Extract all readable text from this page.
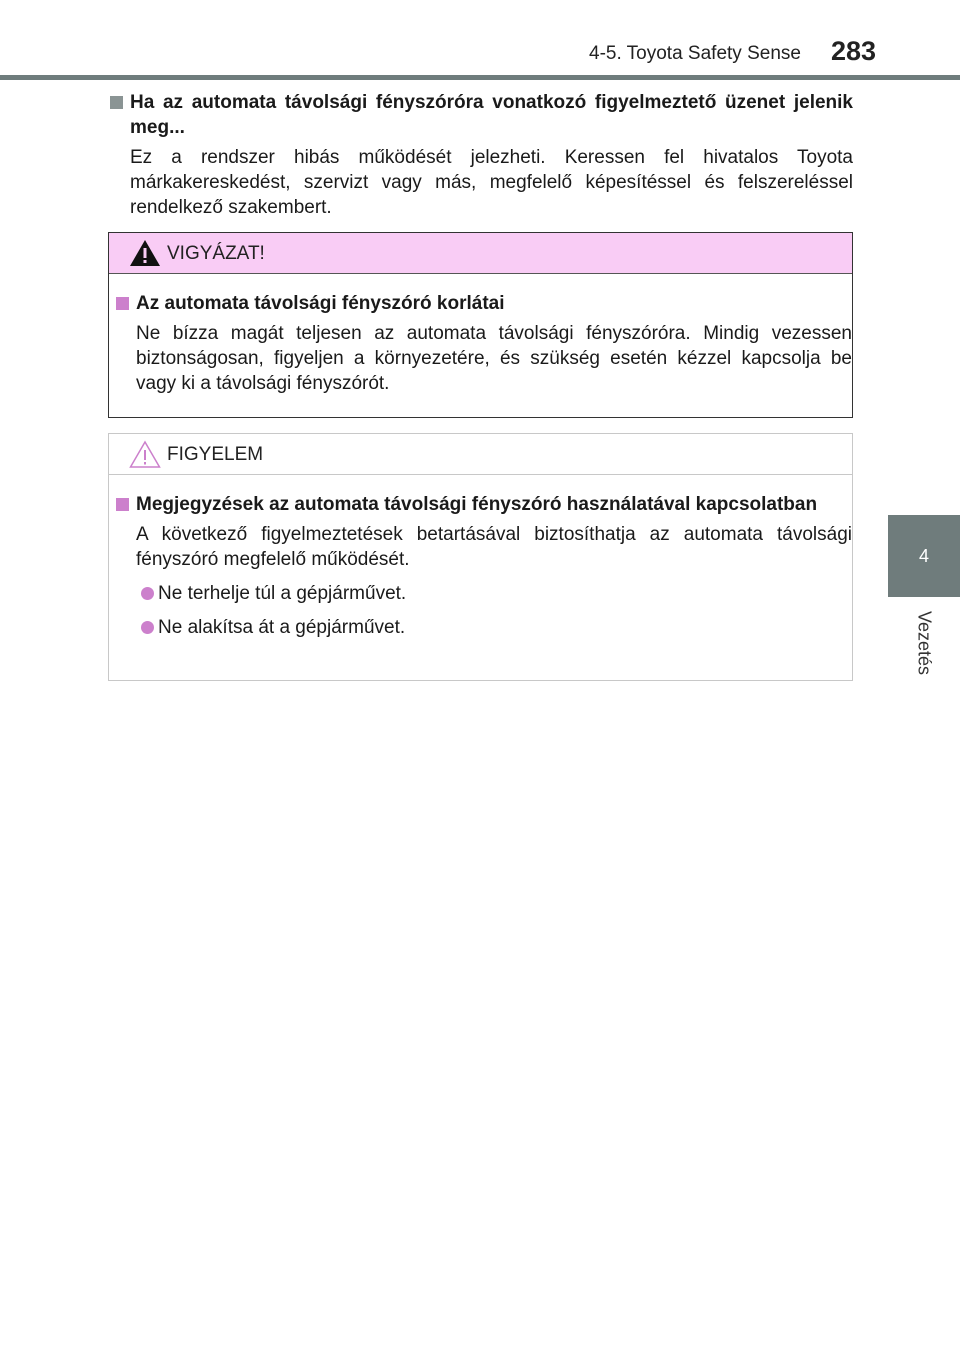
4-5. Toyota Safety Sense 283
4
Vezetés
Ha az automata távolsági fényszóróra vonatkozó figyelmeztető üzenet jelenik meg...
Ez a rendszer hibás működését jelezheti. Keressen fel hivatalos Toyota márkakereskedést, szervizt vagy más, megfelelő képesítéssel és felszereléssel rendelkező szakembert.
VIGYÁZAT!
Az automata távolsági fényszóró korlátai
Ne bízza magát teljesen az automata távolsági fényszóróra. Mindig vezessen biztonságosan, figyeljen a környezetére, és szükség esetén kézzel kapcsolja be vagy ki a távolsági fényszórót.
FIGYELEM
Megjegyzések az automata távolsági fényszóró használatával kapcsolatban
A következő figyelmeztetések betartásával biztosíthatja az automata távolsági fényszóró megfelelő működését.
Ne terhelje túl a gépjárművet.
Ne alakítsa át a gépjárművet.
